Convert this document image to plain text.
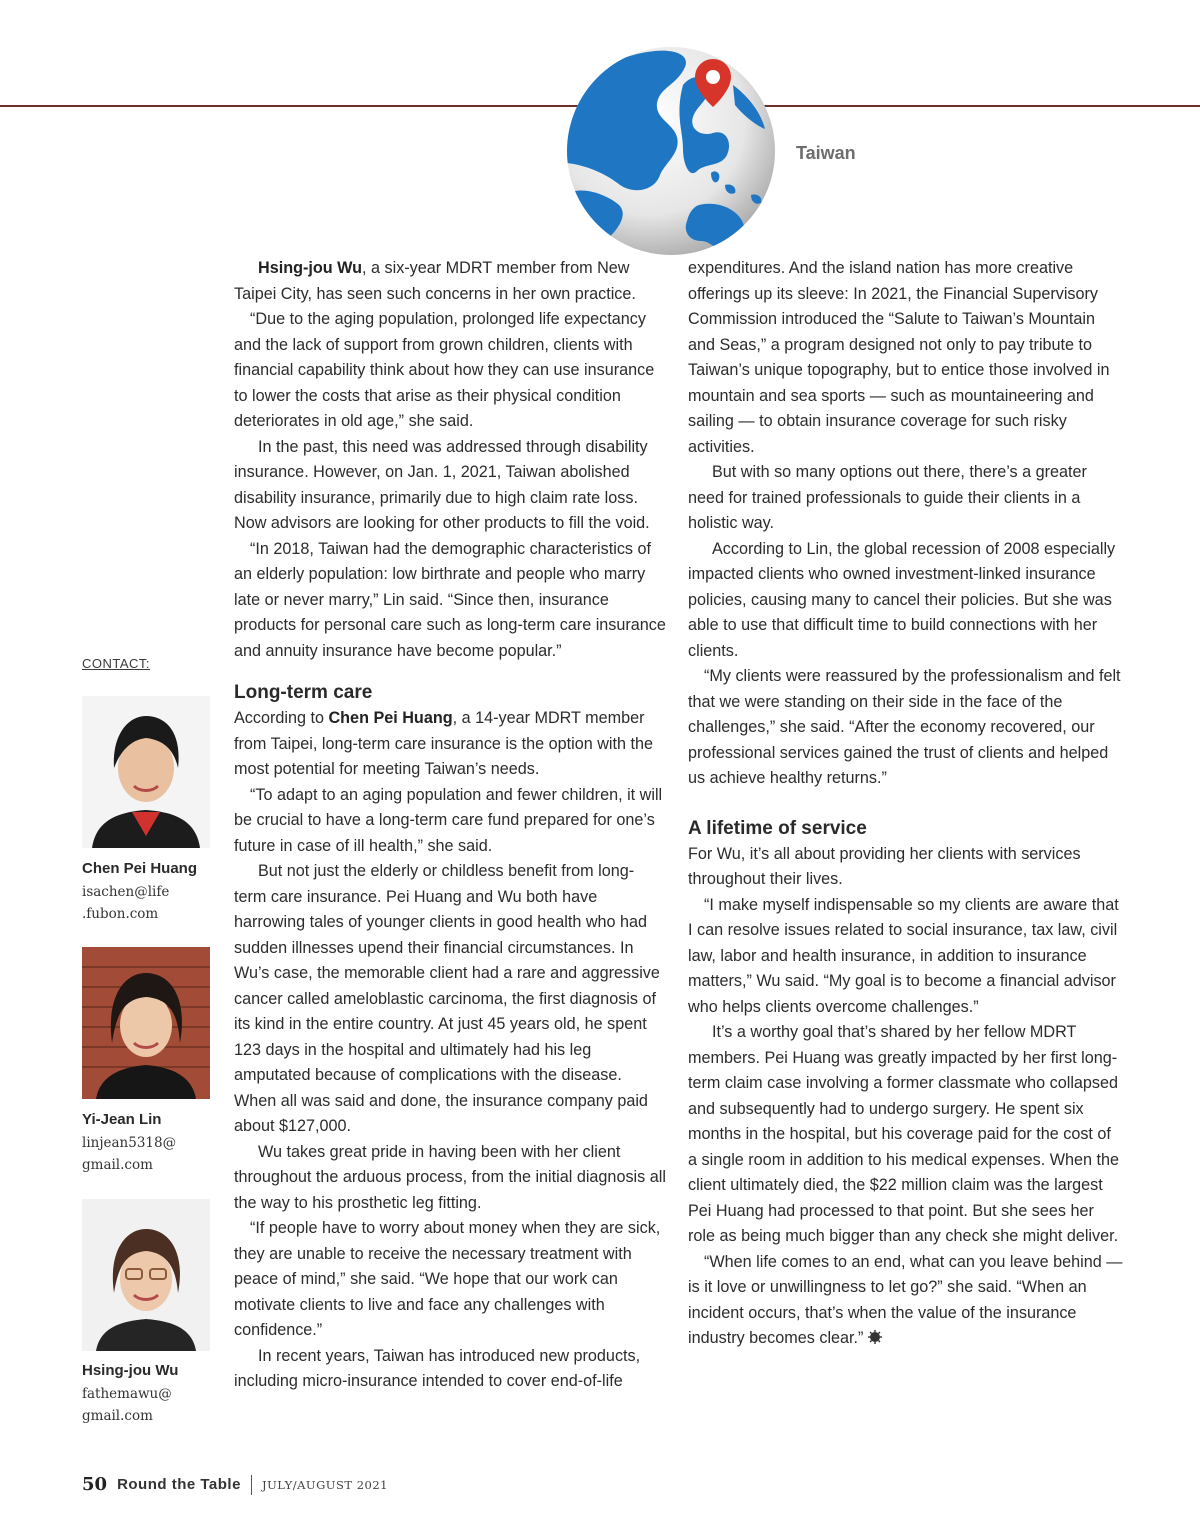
Taiwan

Hsing-jou Wu, a six-year MDRT member from New Taipei City, has seen such concerns in her own practice.

“Due to the aging population, prolonged life expectancy and the lack of support from grown children, clients with financial capability think about how they can use insurance to lower the costs that arise as their physical condition deteriorates in old age,” she said.

In the past, this need was addressed through disability insurance. However, on Jan. 1, 2021, Taiwan abolished disability insurance, primarily due to high claim rate loss. Now advisors are looking for other products to fill the void.

“In 2018, Taiwan had the demographic characteristics of an elderly population: low birthrate and people who marry late or never marry,” Lin said. “Since then, insurance products for personal care such as long-term care insurance and annuity insurance have become popular.”

Long-term care

According to Chen Pei Huang, a 14-year MDRT member from Taipei, long-term care insurance is the option with the most potential for meeting Taiwan’s needs.

“To adapt to an aging population and fewer children, it will be crucial to have a long-term care fund prepared for one’s future in case of ill health,” she said.

But not just the elderly or childless benefit from long-term care insurance. Pei Huang and Wu both have harrowing tales of younger clients in good health who had sudden illnesses upend their financial circumstances. In Wu’s case, the memorable client had a rare and aggressive cancer called ameloblastic carcinoma, the first diagnosis of its kind in the entire country. At just 45 years old, he spent 123 days in the hospital and ultimately had his leg amputated because of complications with the disease. When all was said and done, the insurance company paid about $127,000.

Wu takes great pride in having been with her client throughout the arduous process, from the initial diagnosis all the way to his prosthetic leg fitting.

“If people have to worry about money when they are sick, they are unable to receive the necessary treatment with peace of mind,” she said. “We hope that our work can motivate clients to live and face any challenges with confidence.”

In recent years, Taiwan has introduced new products, including micro-insurance intended to cover end-of-life

expenditures. And the island nation has more creative offerings up its sleeve: In 2021, the Financial Supervisory Commission introduced the “Salute to Taiwan’s Mountain and Seas,” a program designed not only to pay tribute to Taiwan’s unique topography, but to entice those involved in mountain and sea sports — such as mountaineering and sailing — to obtain insurance coverage for such risky activities.

But with so many options out there, there’s a greater need for trained professionals to guide their clients in a holistic way.

According to Lin, the global recession of 2008 especially impacted clients who owned investment-linked insurance policies, causing many to cancel their policies. But she was able to use that difficult time to build connections with her clients.

“My clients were reassured by the professionalism and felt that we were standing on their side in the face of the challenges,” she said. “After the economy recovered, our professional services gained the trust of clients and helped us achieve healthy returns.”

A lifetime of service

For Wu, it’s all about providing her clients with services throughout their lives.

“I make myself indispensable so my clients are aware that I can resolve issues related to social insurance, tax law, civil law, labor and health insurance, in addition to insurance matters,” Wu said. “My goal is to become a financial advisor who helps clients overcome challenges.”

It’s a worthy goal that’s shared by her fellow MDRT members. Pei Huang was greatly impacted by her first long-term claim case involving a former classmate who collapsed and subsequently had to undergo surgery. He spent six months in the hospital, but his coverage paid for the cost of a single room in addition to his medical expenses. When the client ultimately died, the $22 million claim was the largest Pei Huang had processed to that point. But she sees her role as being much bigger than any check she might deliver.

“When life comes to an end, what can you leave behind — is it love or unwillingness to let go?” she said. “When an incident occurs, that’s when the value of the insurance industry becomes clear.”

CONTACT:
Chen Pei Huang
isachen@life
.fubon.com
Yi-Jean Lin
linjean5318@
gmail.com
Hsing-jou Wu
fathemawu@
gmail.com
50 Round the Table JULY/AUGUST 2021
